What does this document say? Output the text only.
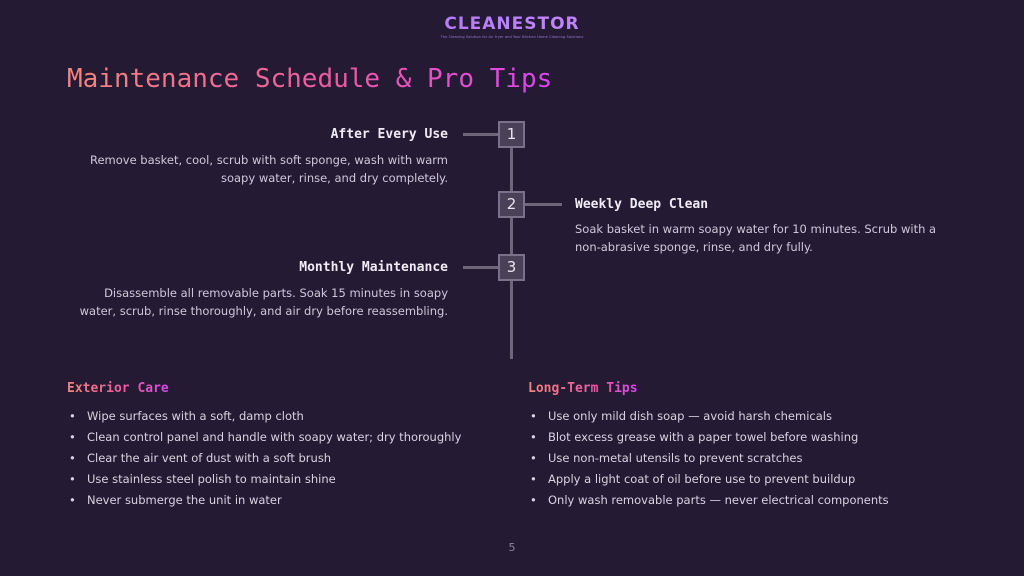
CLEANESTOR
The Cleaning Solution for Air fryer and Your Kitchen Home Cleaning Solutions
Maintenance Schedule & Pro Tips
1
After Every Use
Remove basket, cool, scrub with soft sponge, wash with warm soapy water, rinse, and dry completely.
2	Weekly Deep Clean
Soak basket in warm soapy water for 10 minutes. Scrub with a non-abrasive sponge, rinse, and dry fully.
3
Monthly Maintenance
Disassemble all removable parts. Soak 15 minutes in soapy water, scrub, rinse thoroughly, and air dry before reassembling.
Exterior Care
• Wipe surfaces with a soft, damp cloth
• Clean control panel and handle with soapy water; dry thoroughly
• Clear the air vent of dust with a soft brush
• Use stainless steel polish to maintain shine
• Never submerge the unit in water
Long-Term Tips
• Use only mild dish soap — avoid harsh chemicals
• Blot excess grease with a paper towel before washing
• Use non-metal utensils to prevent scratches
• Apply a light coat of oil before use to prevent buildup
• Only wash removable parts — never electrical components
5
